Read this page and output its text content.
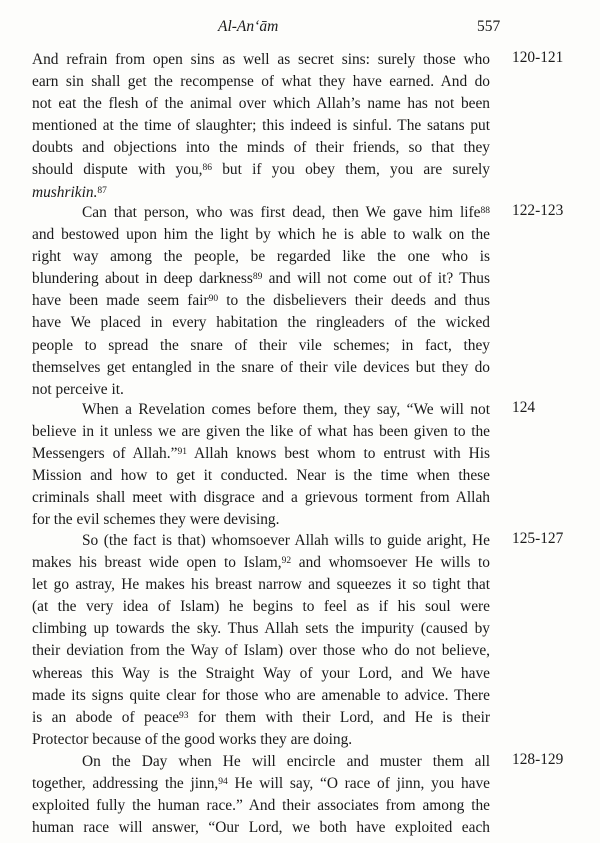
Al-An‘ām	557
120-121
And refrain from open sins as well as secret sins: surely those who
earn sin shall get the recompense of what they have earned. And do
not eat the flesh of the animal over which Allah’s name has not been
mentioned at the time of slaughter; this indeed is sinful. The satans put
doubts and objections into the minds of their friends, so that they
should dispute with you,$^{86}$ but if you obey them, you are surely
mushrikin.$^{87}$
122-123
Can that person, who was first dead, then We gave him life$^{88}$
and bestowed upon him the light by which he is able to walk on the
right way among the people, be regarded like the one who is
blundering about in deep darkness$^{89}$ and will not come out of it? Thus
have been made seem fair$^{90}$ to the disbelievers their deeds and thus
have We placed in every habitation the ringleaders of the wicked
people to spread the snare of their vile schemes; in fact, they
themselves get entangled in the snare of their vile devices but they do
not perceive it.
124
When a Revelation comes before them, they say, “We will not
believe in it unless we are given the like of what has been given to the
Messengers of Allah.”$^{91}$ Allah knows best whom to entrust with His
Mission and how to get it conducted. Near is the time when these
criminals shall meet with disgrace and a grievous torment from Allah
for the evil schemes they were devising.
125-127
So (the fact is that) whomsoever Allah wills to guide aright, He
makes his breast wide open to Islam,$^{92}$ and whomsoever He wills to
let go astray, He makes his breast narrow and squeezes it so tight that
(at the very idea of Islam) he begins to feel as if his soul were
climbing up towards the sky. Thus Allah sets the impurity (caused by
their deviation from the Way of Islam) over those who do not believe,
whereas this Way is the Straight Way of your Lord, and We have
made its signs quite clear for those who are amenable to advice. There
is an abode of peace$^{93}$ for them with their Lord, and He is their
Protector because of the good works they are doing.
128-129
On the Day when He will encircle and muster them all
together, addressing the jinn,$^{94}$ He will say, “O race of jinn, you have
exploited fully the human race.” And their associates from among the
human race will answer, “Our Lord, we both have exploited each
